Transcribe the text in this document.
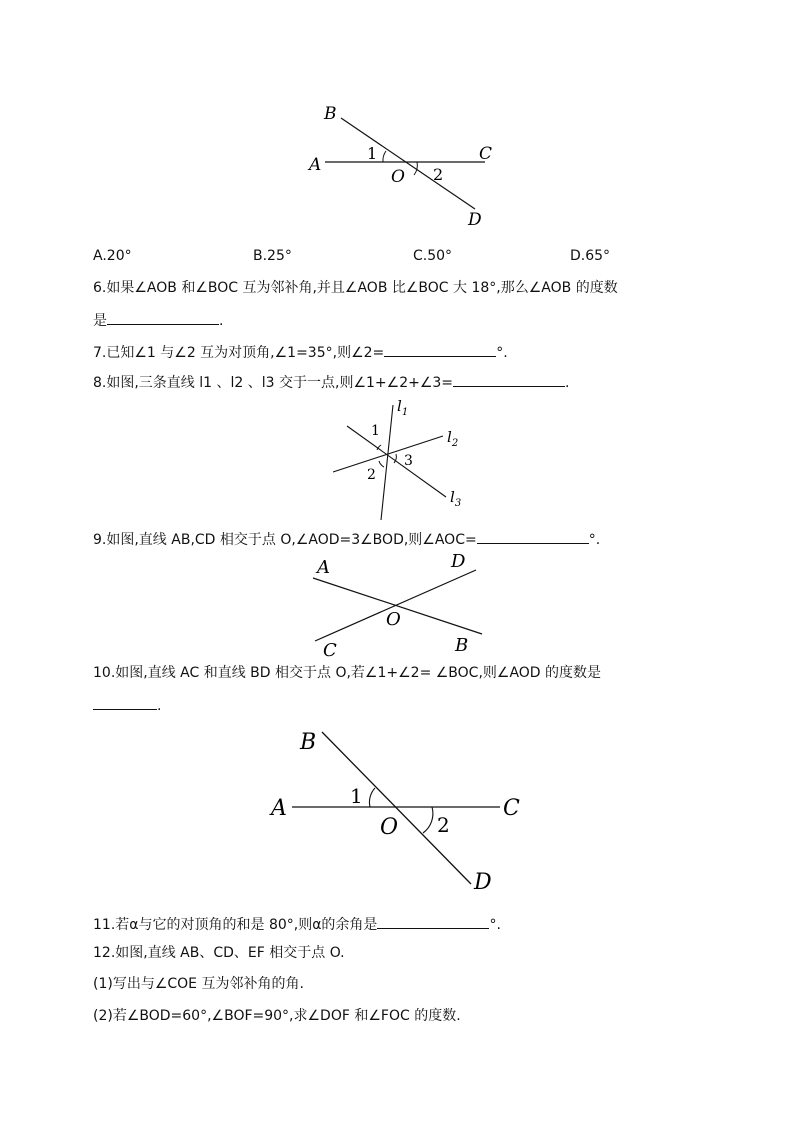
B
A
C
O
D
1
2
A.20°	B.25°	C.50°	D.65°
6.如果∠AOB 和∠BOC 互为邻补角,并且∠AOB 比∠BOC 大 18°,那么∠AOB 的度数
是	.
7.已知∠1 与∠2 互为对顶角,∠1=35°,则∠2=	°.
8.如图,三条直线 l1 、l2 、l3 交于一点,则∠1+∠2+∠3=	.
$l_1$
$l_2$
$l_3$
1
2
3
9.如图,直线 AB,CD 相交于点 O,∠AOD=3∠BOD,则∠AOC=	°.
A	D
O
C	B
10.如图,直线 AC 和直线 BD 相交于点 O,若∠1+∠2= ∠BOC,则∠AOD 的度数是
.
B
A	C
O
D
1
2
11.若α与它的对顶角的和是 80°,则α的余角是	°.
12.如图,直线 AB、CD、EF 相交于点 O.
(1)写出与∠COE 互为邻补角的角.
(2)若∠BOD=60°,∠BOF=90°,求∠DOF 和∠FOC 的度数.
